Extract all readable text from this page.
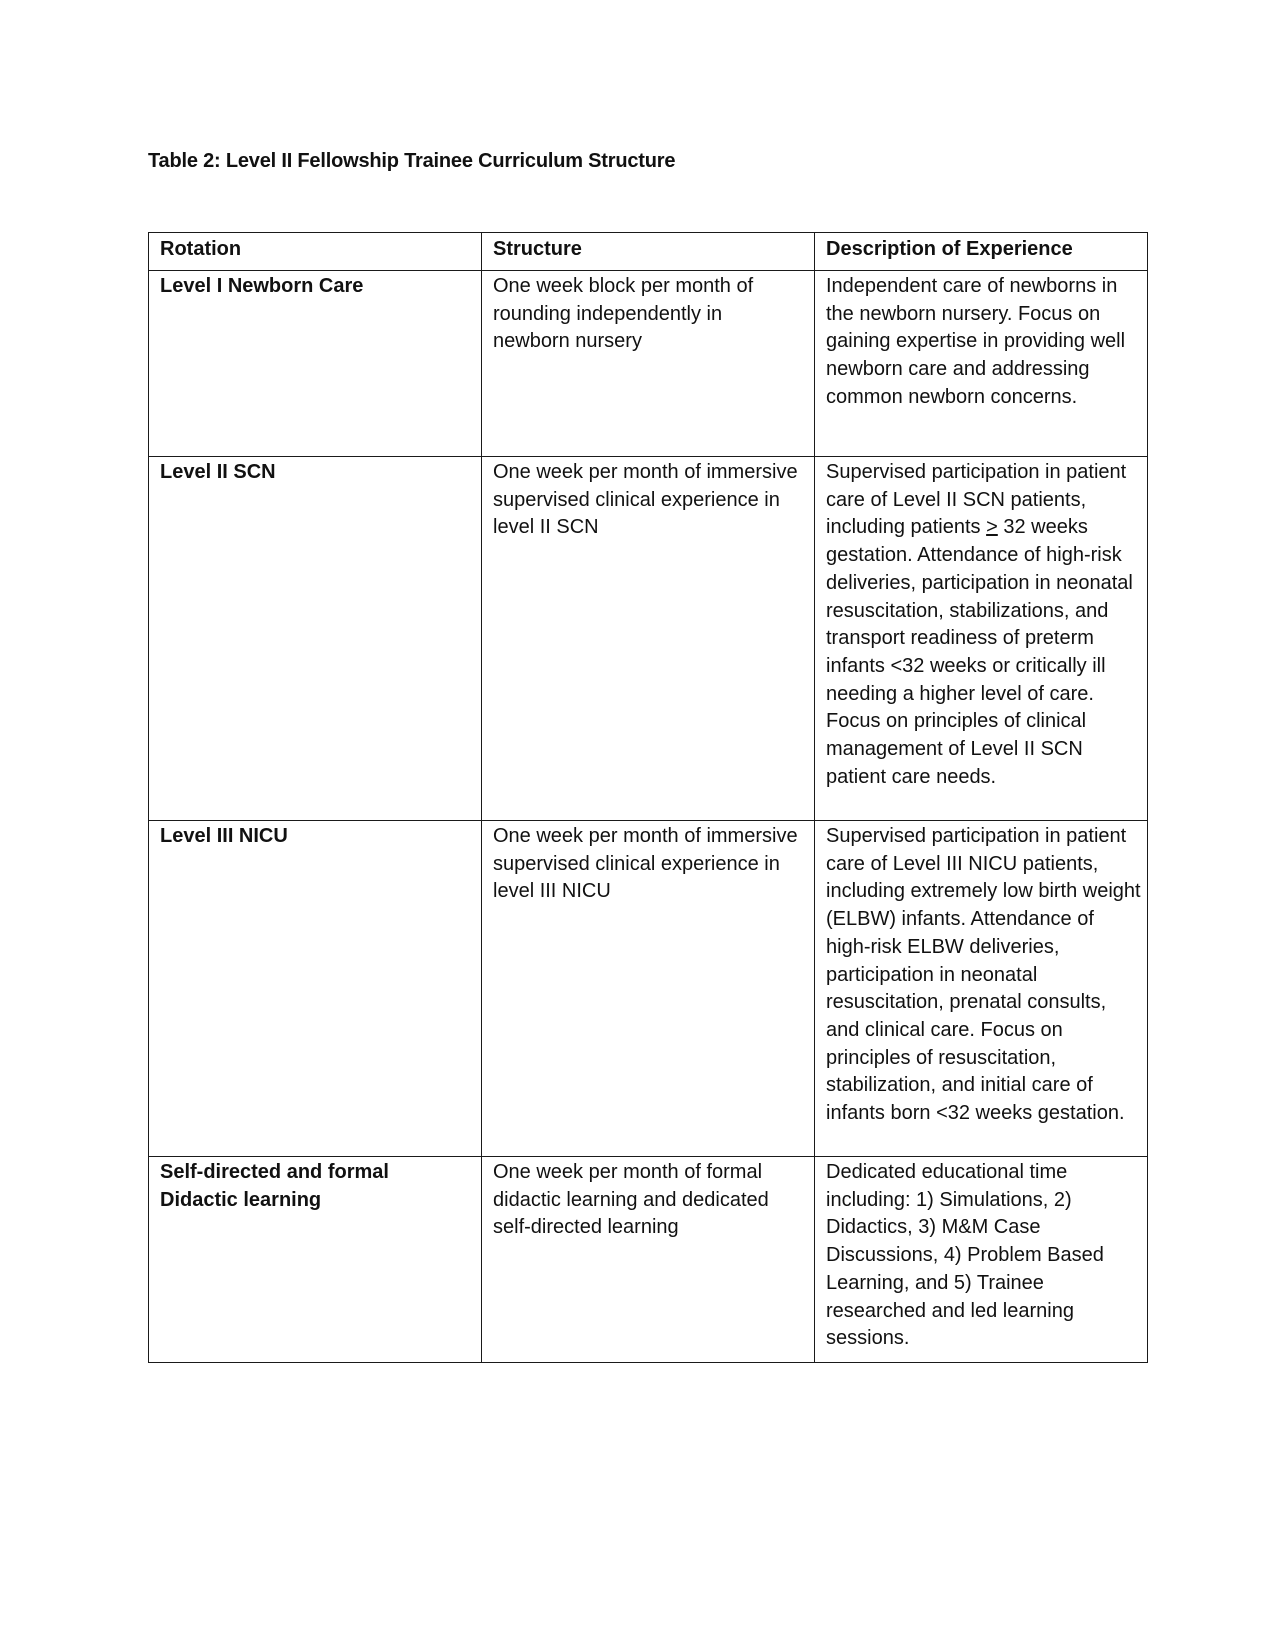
Table 2: Level II Fellowship Trainee Curriculum Structure
Rotation	Structure	Description of Experience
Level I Newborn Care	One week block per month of rounding independently in newborn nursery	Independent care of newborns in the newborn nursery. Focus on gaining expertise in providing well newborn care and addressing common newborn concerns.
Level II SCN	One week per month of immersive supervised clinical experience in level II SCN	Supervised participation in patient care of Level II SCN patients, including patients ≥ 32 weeks gestation. Attendance of high-risk deliveries, participation in neonatal resuscitation, stabilizations, and transport readiness of preterm infants <32 weeks or critically ill needing a higher level of care. Focus on principles of clinical management of Level II SCN patient care needs.
Level III NICU	One week per month of immersive supervised clinical experience in level III NICU	Supervised participation in patient care of Level III NICU patients, including extremely low birth weight (ELBW) infants. Attendance of high-risk ELBW deliveries, participation in neonatal resuscitation, prenatal consults, and clinical care. Focus on principles of resuscitation, stabilization, and initial care of infants born <32 weeks gestation.
Self-directed and formal Didactic learning	One week per month of formal didactic learning and dedicated self-directed learning	Dedicated educational time including: 1) Simulations, 2) Didactics, 3) M&M Case Discussions, 4) Problem Based Learning, and 5) Trainee researched and led learning sessions.
